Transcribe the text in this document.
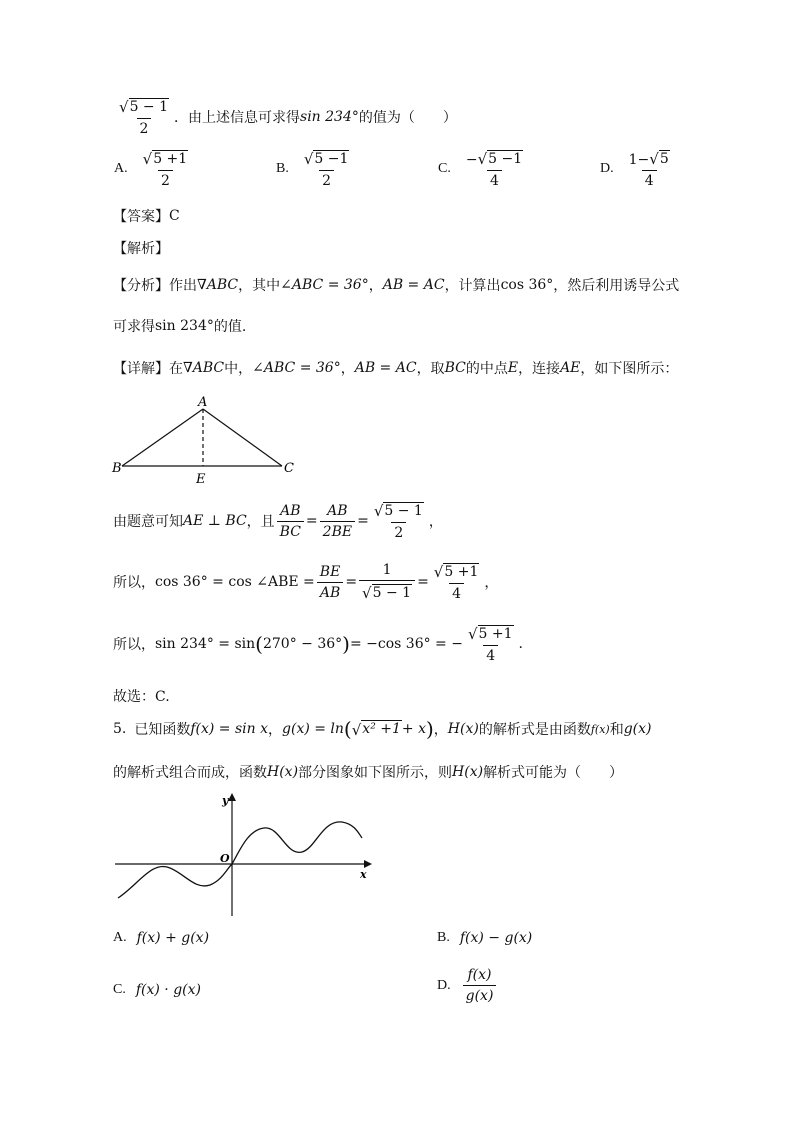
$\frac{√ 5 - 1}{2}$ ．由上述信息可求得 sin 234° 的值为（　　）
A. $\frac{√ 5 +1}{2}$	B. $\frac{√ 5 -1}{2}$	C. $\frac{- √ 5 -1}{4}$	D. $\frac{1- √ 5}{4}$
【答案】 C
【解析】
【分析】 作出 ∇ABC ，其中 ∠ABC = 36° ， AB = AC ，计算出 cos 36° ，然后利用诱导公式
可求得 sin 234° 的值.
【详解】 在 ∇ABC 中， ∠ABC = 36° ， AB = AC ，取 BC 的中点 E ，连接 AE ，如下图所示：
A
B	C
E
由题意可知 AE ⊥ BC ，且 $\frac{AB}{BC} = \frac{AB}{2BE} = \frac{√ 5 - 1}{2}$ ，
所以， cos 36° = cos ∠ABE = $\frac{BE}{AB} = \frac{1}{√ 5 - 1} = \frac{√ 5 +1}{4}$ ，
所以， sin 234° = sin ( 270° − 36° ) = −cos 36° = − $\frac{√ 5 +1}{4}$ .
故选：C.
5. 已知函数 f(x) = sin x ， g(x) = ln ( √ x² +1 + x ) ， H(x) 的解析式是由函数 f(x) 和 g(x)
的解析式组合而成，函数 H(x) 部分图象如下图所示，则 H(x) 解析式可能为（　　）
y
x
O
A. f(x) + g(x)	B. f(x) − g(x)
C. f(x) · g(x)	D. $\frac{f(x)}{g(x)}$
